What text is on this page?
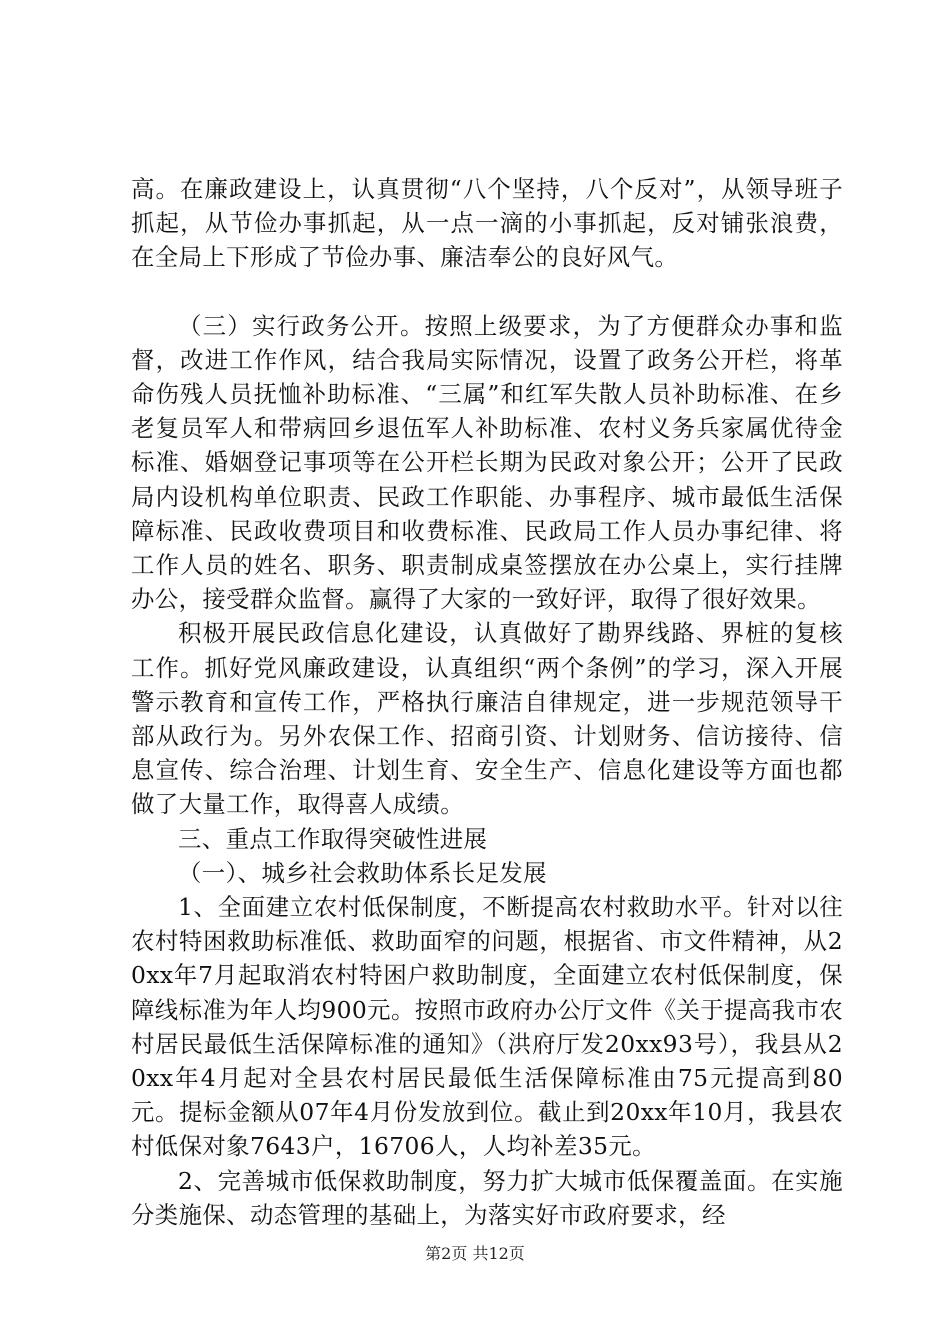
高。在廉政建设上，认真贯彻“八个坚持，八个反对”，从领导班子抓起，从节俭办事抓起，从一点一滴的小事抓起，反对铺张浪费，在全局上下形成了节俭办事、廉洁奉公的良好风气。

（三）实行政务公开。按照上级要求，为了方便群众办事和监督，改进工作作风，结合我局实际情况，设置了政务公开栏，将革命伤残人员抚恤补助标准、“三属”和红军失散人员补助标准、在乡老复员军人和带病回乡退伍军人补助标准、农村义务兵家属优待金标准、婚姻登记事项等在公开栏长期为民政对象公开；公开了民政局内设机构单位职责、民政工作职能、办事程序、城市最低生活保障标准、民政收费项目和收费标准、民政局工作人员办事纪律、将工作人员的姓名、职务、职责制成桌签摆放在办公桌上，实行挂牌办公，接受群众监督。赢得了大家的一致好评，取得了很好效果。

积极开展民政信息化建设，认真做好了勘界线路、界桩的复核工作。抓好党风廉政建设，认真组织“两个条例”的学习，深入开展警示教育和宣传工作，严格执行廉洁自律规定，进一步规范领导干部从政行为。另外农保工作、招商引资、计划财务、信访接待、信息宣传、综合治理、计划生育、安全生产、信息化建设等方面也都做了大量工作，取得喜人成绩。

三、重点工作取得突破性进展

（一）、城乡社会救助体系长足发展

1、全面建立农村低保制度，不断提高农村救助水平。针对以往农村特困救助标准低、救助面窄的问题，根据省、市文件精神，从20xx年7月起取消农村特困户救助制度，全面建立农村低保制度，保障线标准为年人均900元。按照市政府办公厅文件《关于提高我市农村居民最低生活保障标准的通知》（洪府厅发20xx93号），我县从20xx年4月起对全县农村居民最低生活保障标准由75元提高到80元。提标金额从07年4月份发放到位。截止到20xx年10月，我县农村低保对象7643户，16706人，人均补差35元。

2、完善城市低保救助制度，努力扩大城市低保覆盖面。在实施分类施保、动态管理的基础上，为落实好市政府要求，经

第2页 共12页
